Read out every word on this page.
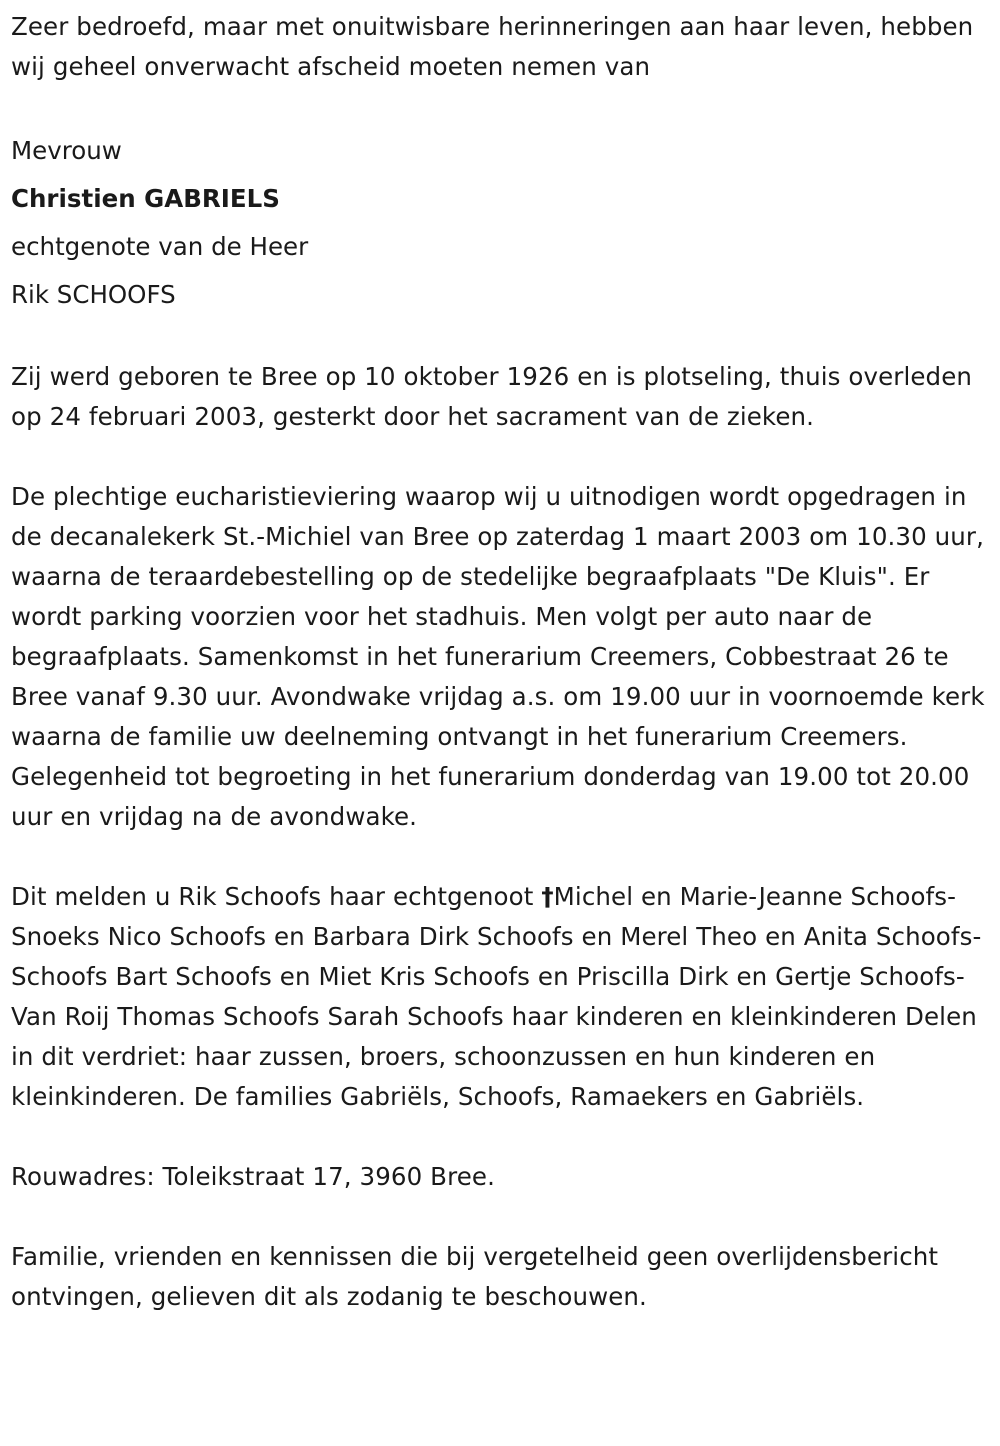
Zeer bedroefd, maar met onuitwisbare herinneringen aan haar leven, hebben wij geheel onverwacht afscheid moeten nemen van

Mevrouw

Christien GABRIELS

echtgenote van de Heer

Rik SCHOOFS

Zij werd geboren te Bree op 10 oktober 1926 en is plotseling, thuis overleden op 24 februari 2003, gesterkt door het sacrament van de zieken.

De plechtige eucharistieviering waarop wij u uitnodigen wordt opgedragen in de decanalekerk St.-Michiel van Bree op zaterdag 1 maart 2003 om 10.30 uur, waarna de teraardebestelling op de stedelijke begraafplaats "De Kluis". Er wordt parking voorzien voor het stadhuis. Men volgt per auto naar de begraafplaats. Samenkomst in het funerarium Creemers, Cobbestraat 26 te Bree vanaf 9.30 uur. Avondwake vrijdag a.s. om 19.00 uur in voornoemde kerk waarna de familie uw deelneming ontvangt in het funerarium Creemers. Gelegenheid tot begroeting in het funerarium donderdag van 19.00 tot 20.00 uur en vrijdag na de avondwake.

Dit melden u Rik Schoofs haar echtgenoot †Michel en Marie-Jeanne Schoofs-Snoeks Nico Schoofs en Barbara Dirk Schoofs en Merel Theo en Anita Schoofs-Schoofs Bart Schoofs en Miet Kris Schoofs en Priscilla Dirk en Gertje Schoofs-Van Roij Thomas Schoofs Sarah Schoofs haar kinderen en kleinkinderen Delen in dit verdriet: haar zussen, broers, schoonzussen en hun kinderen en kleinkinderen. De families Gabriëls, Schoofs, Ramaekers en Gabriëls.

Rouwadres: Toleikstraat 17, 3960 Bree.

Familie, vrienden en kennissen die bij vergetelheid geen overlijdensbericht ontvingen, gelieven dit als zodanig te beschouwen.
